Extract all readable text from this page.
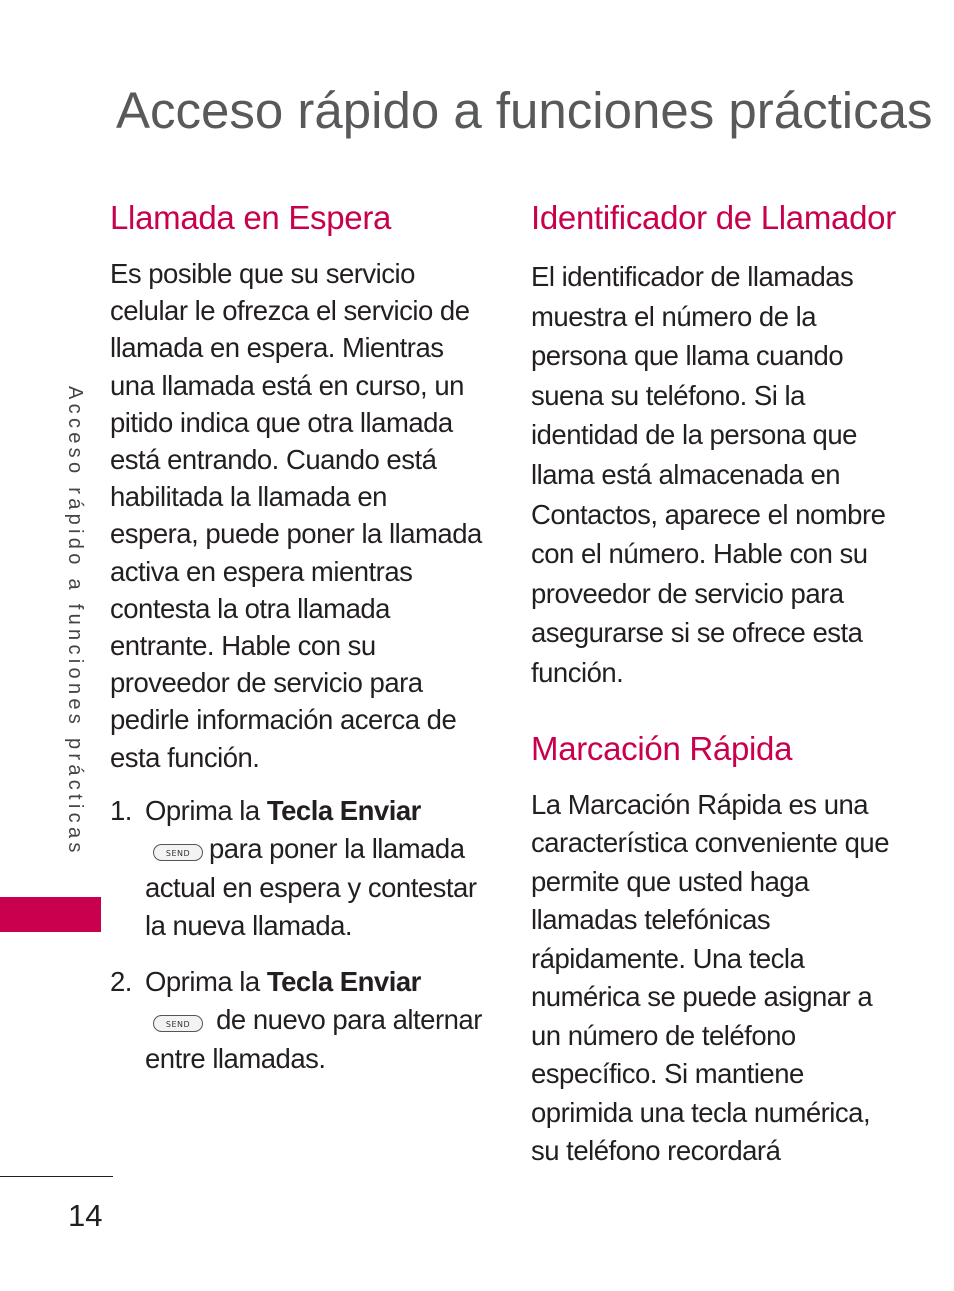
Acceso rápido a funciones prácticas
Acceso rápido a funciones prácticas
Llamada en Espera

Es posible que su servicio celular le ofrezca el servicio de llamada en espera. Mientras una llamada está en curso, un pitido indica que otra llamada está entrando. Cuando está habilitada la llamada en espera, puede poner la llamada activa en espera mientras contesta la otra llamada entrante. Hable con su proveedor de servicio para pedirle información acerca de esta función.

1. Oprima la Tecla EnviarSEND para poner la llamada actual en espera y contestar la nueva llamada.
2. Oprima la Tecla Enviar
SEND de nuevo para alternar entre llamadas.
Identificador de Llamador

El identificador de llamadas muestra el número de la persona que llama cuando suena su teléfono. Si la identidad de la persona que llama está almacenada en Contactos, aparece el nombre con el número. Hable con su proveedor de servicio para asegurarse si se ofrece esta función.

Marcación Rápida

La Marcación Rápida es una característica conveniente que permite que usted haga llamadas telefónicas rápidamente. Una tecla numérica se puede asignar a un número de teléfono específico. Si mantiene oprimida una tecla numérica, su teléfono recordará

14
